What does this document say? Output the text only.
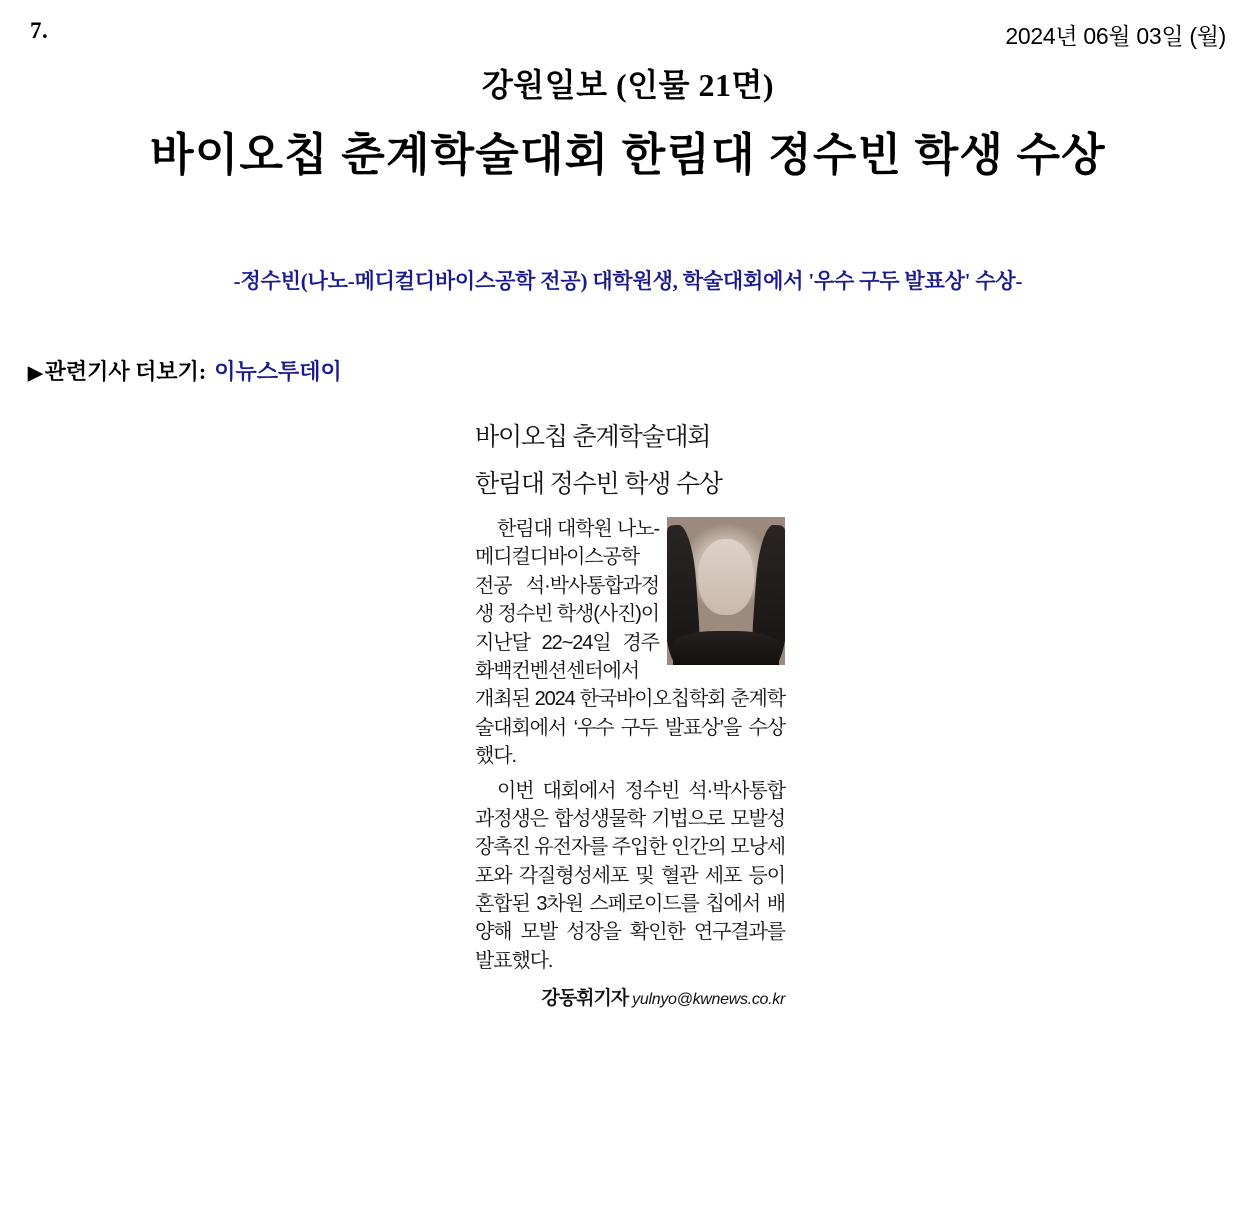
7.	2024년 06월 03일 (월)
강원일보 (인물 21면)
바이오칩 춘계학술대회 한림대 정수빈 학생 수상
-정수빈(나노-메디컬디바이스공학 전공) 대학원생, 학술대회에서 '우수 구두 발표상' 수상-
▶ 관련기사 더보기: 이뉴스투데이
바이오칩 춘계학술대회
한림대 정수빈 학생 수상

한림대 대학원 나노-메디컬디바이스공학 전공 석·박사통합과정생 정수빈 학생(사진)이 지난달 22~24일 경주 화백컨벤션센터에서 개최된 2024 한국바이오칩학회 춘계학술대회에서 ‘우수 구두 발표상’을 수상했다.

이번 대회에서 정수빈 석·박사통합과정생은 합성생물학 기법으로 모발성장촉진 유전자를 주입한 인간의 모낭세포와 각질형성세포 및 혈관 세포 등이 혼합된 3차원 스페로이드를 칩에서 배양해 모발 성장을 확인한 연구결과를 발표했다.

강동휘기자 yulnyo@kwnews.co.kr
